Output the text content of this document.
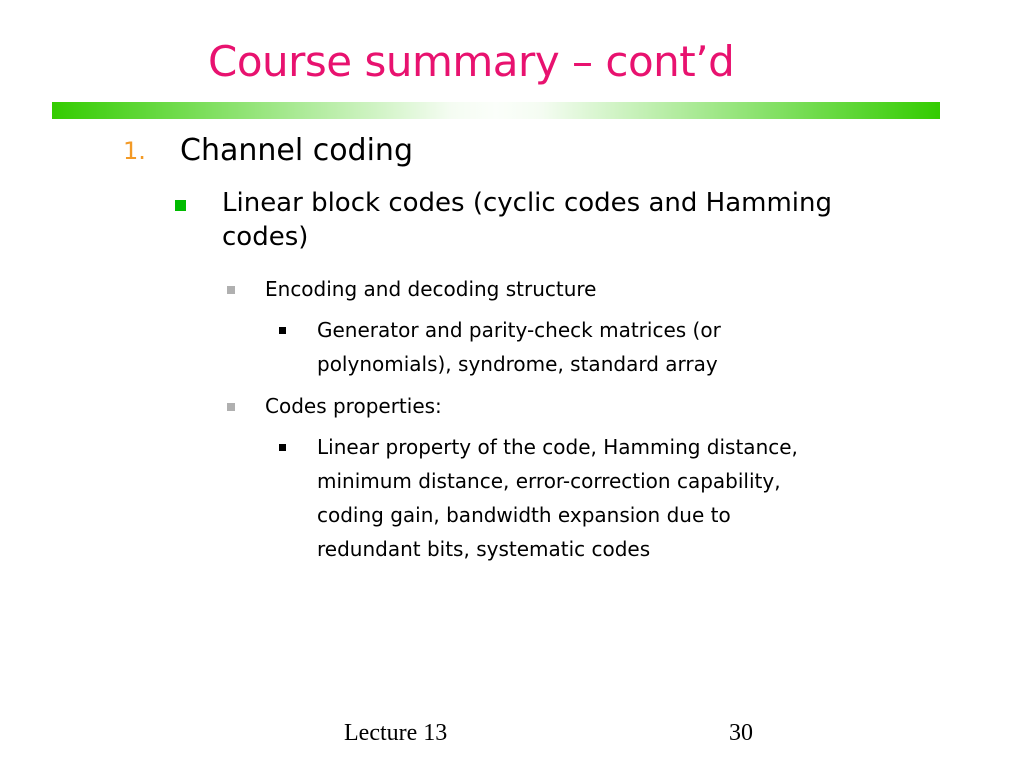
Course summary – cont’d
1. Channel coding
Linear block codes (cyclic codes and Hamming
codes)
Encoding and decoding structure
Generator and parity-check matrices (or
polynomials), syndrome, standard array
Codes properties:
Linear property of the code, Hamming distance,
minimum distance, error-correction capability,
coding gain, bandwidth expansion due to
redundant bits, systematic codes
Lecture 13	30
